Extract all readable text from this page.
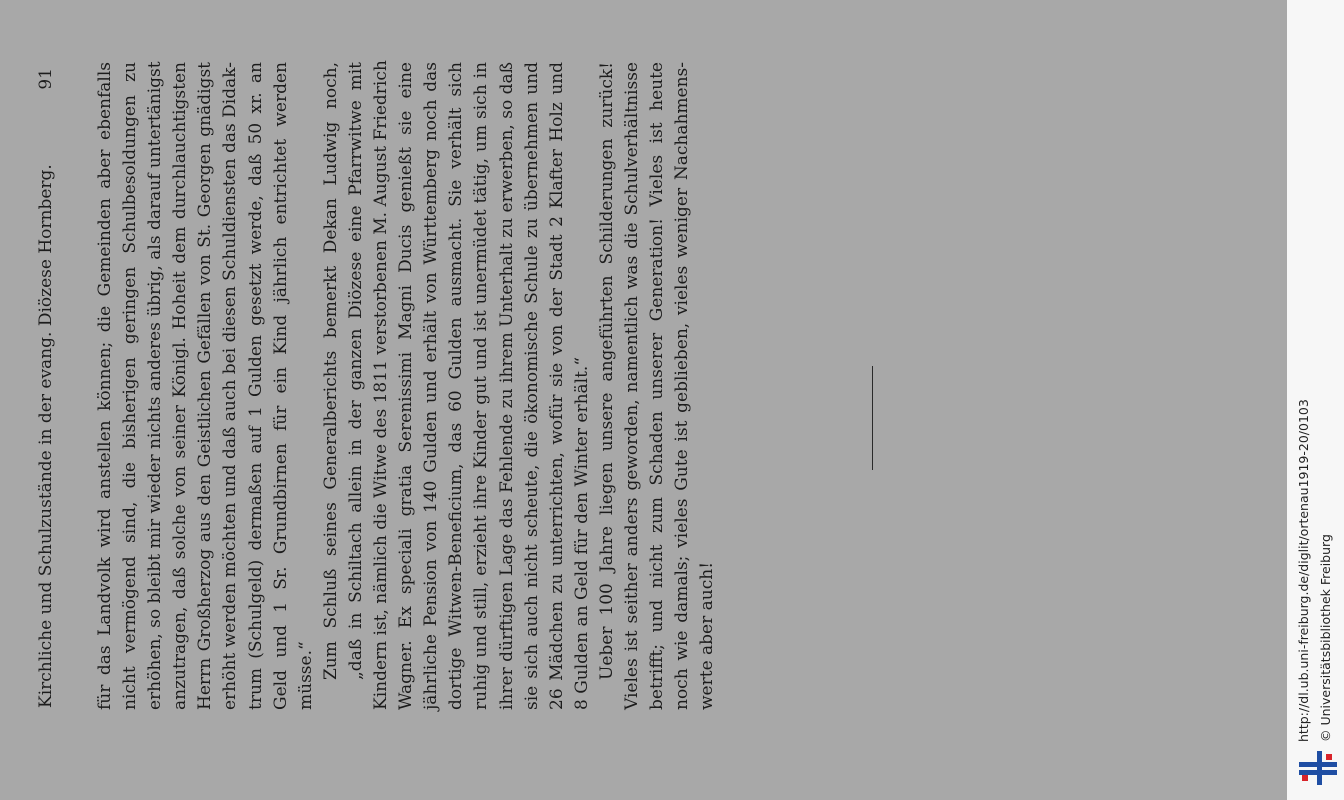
Kirchliche und Schulzustände in der evang. Diözese Hornberg.
91 für das Landvolk wird anstellen können; die Gemeinden aber ebenfalls nicht vermögend sind, die bisherigen geringen Schulbesoldungen zu erhöhen, so bleibt mir wieder nichts anderes übrig, als darauf untertänigst anzutragen, daß solche von seiner Königl. Hoheit dem durchlauchtigsten Herrn Großherzog aus den Geistlichen Gefällen von St. Georgen gnädigst erhöht werden möchten und daß auch bei diesen Schuldiensten das Didak- trum (Schulgeld) dermaßen auf 1 Gulden gesetzt werde, daß 50 xr. an Geld und 1 Sr. Grundbirnen für ein Kind jährlich entrichtet werden müsse.“ Zum Schluß seines Generalberichts bemerkt Dekan Ludwig noch, „daß in Schiltach allein in der ganzen Diözese eine Pfarrwitwe mit Kindern ist, nämlich die Witwe des 1811 verstorbenen M. August Friedrich Wagner. Ex speciali gratia Serenissimi Magni Ducis genießt sie eine jährliche Pension von 140 Gulden und erhält von Württemberg noch das dortige Witwen-Beneficium, das 60 Gulden ausmacht. Sie verhält sich ruhig und still, erzieht ihre Kinder gut und ist unermüdet tätig, um sich in ihrer dürftigen Lage das Fehlende zu ihrem Unterhalt zu erwerben, so daß sie sich auch nicht scheute, die ökonomische Schule zu übernehmen und 26 Mädchen zu unterrichten, wofür sie von der Stadt 2 Klafter Holz und 8 Gulden an Geld für den Winter erhält.“ Ueber 100 Jahre liegen unsere angeführten Schilderungen zurück! Vieles ist seither anders geworden, namentlich was die Schulverhältnisse betrifft; und nicht zum Schaden unserer Generation! Vieles ist heute noch wie damals; vieles Gute ist geblieben, vieles weniger Nachahmens- werte aber auch!	http://dl.ub.uni-freiburg.de/diglit/ortenau1919-20/0103 © Universitätsbibliothek Freiburg
